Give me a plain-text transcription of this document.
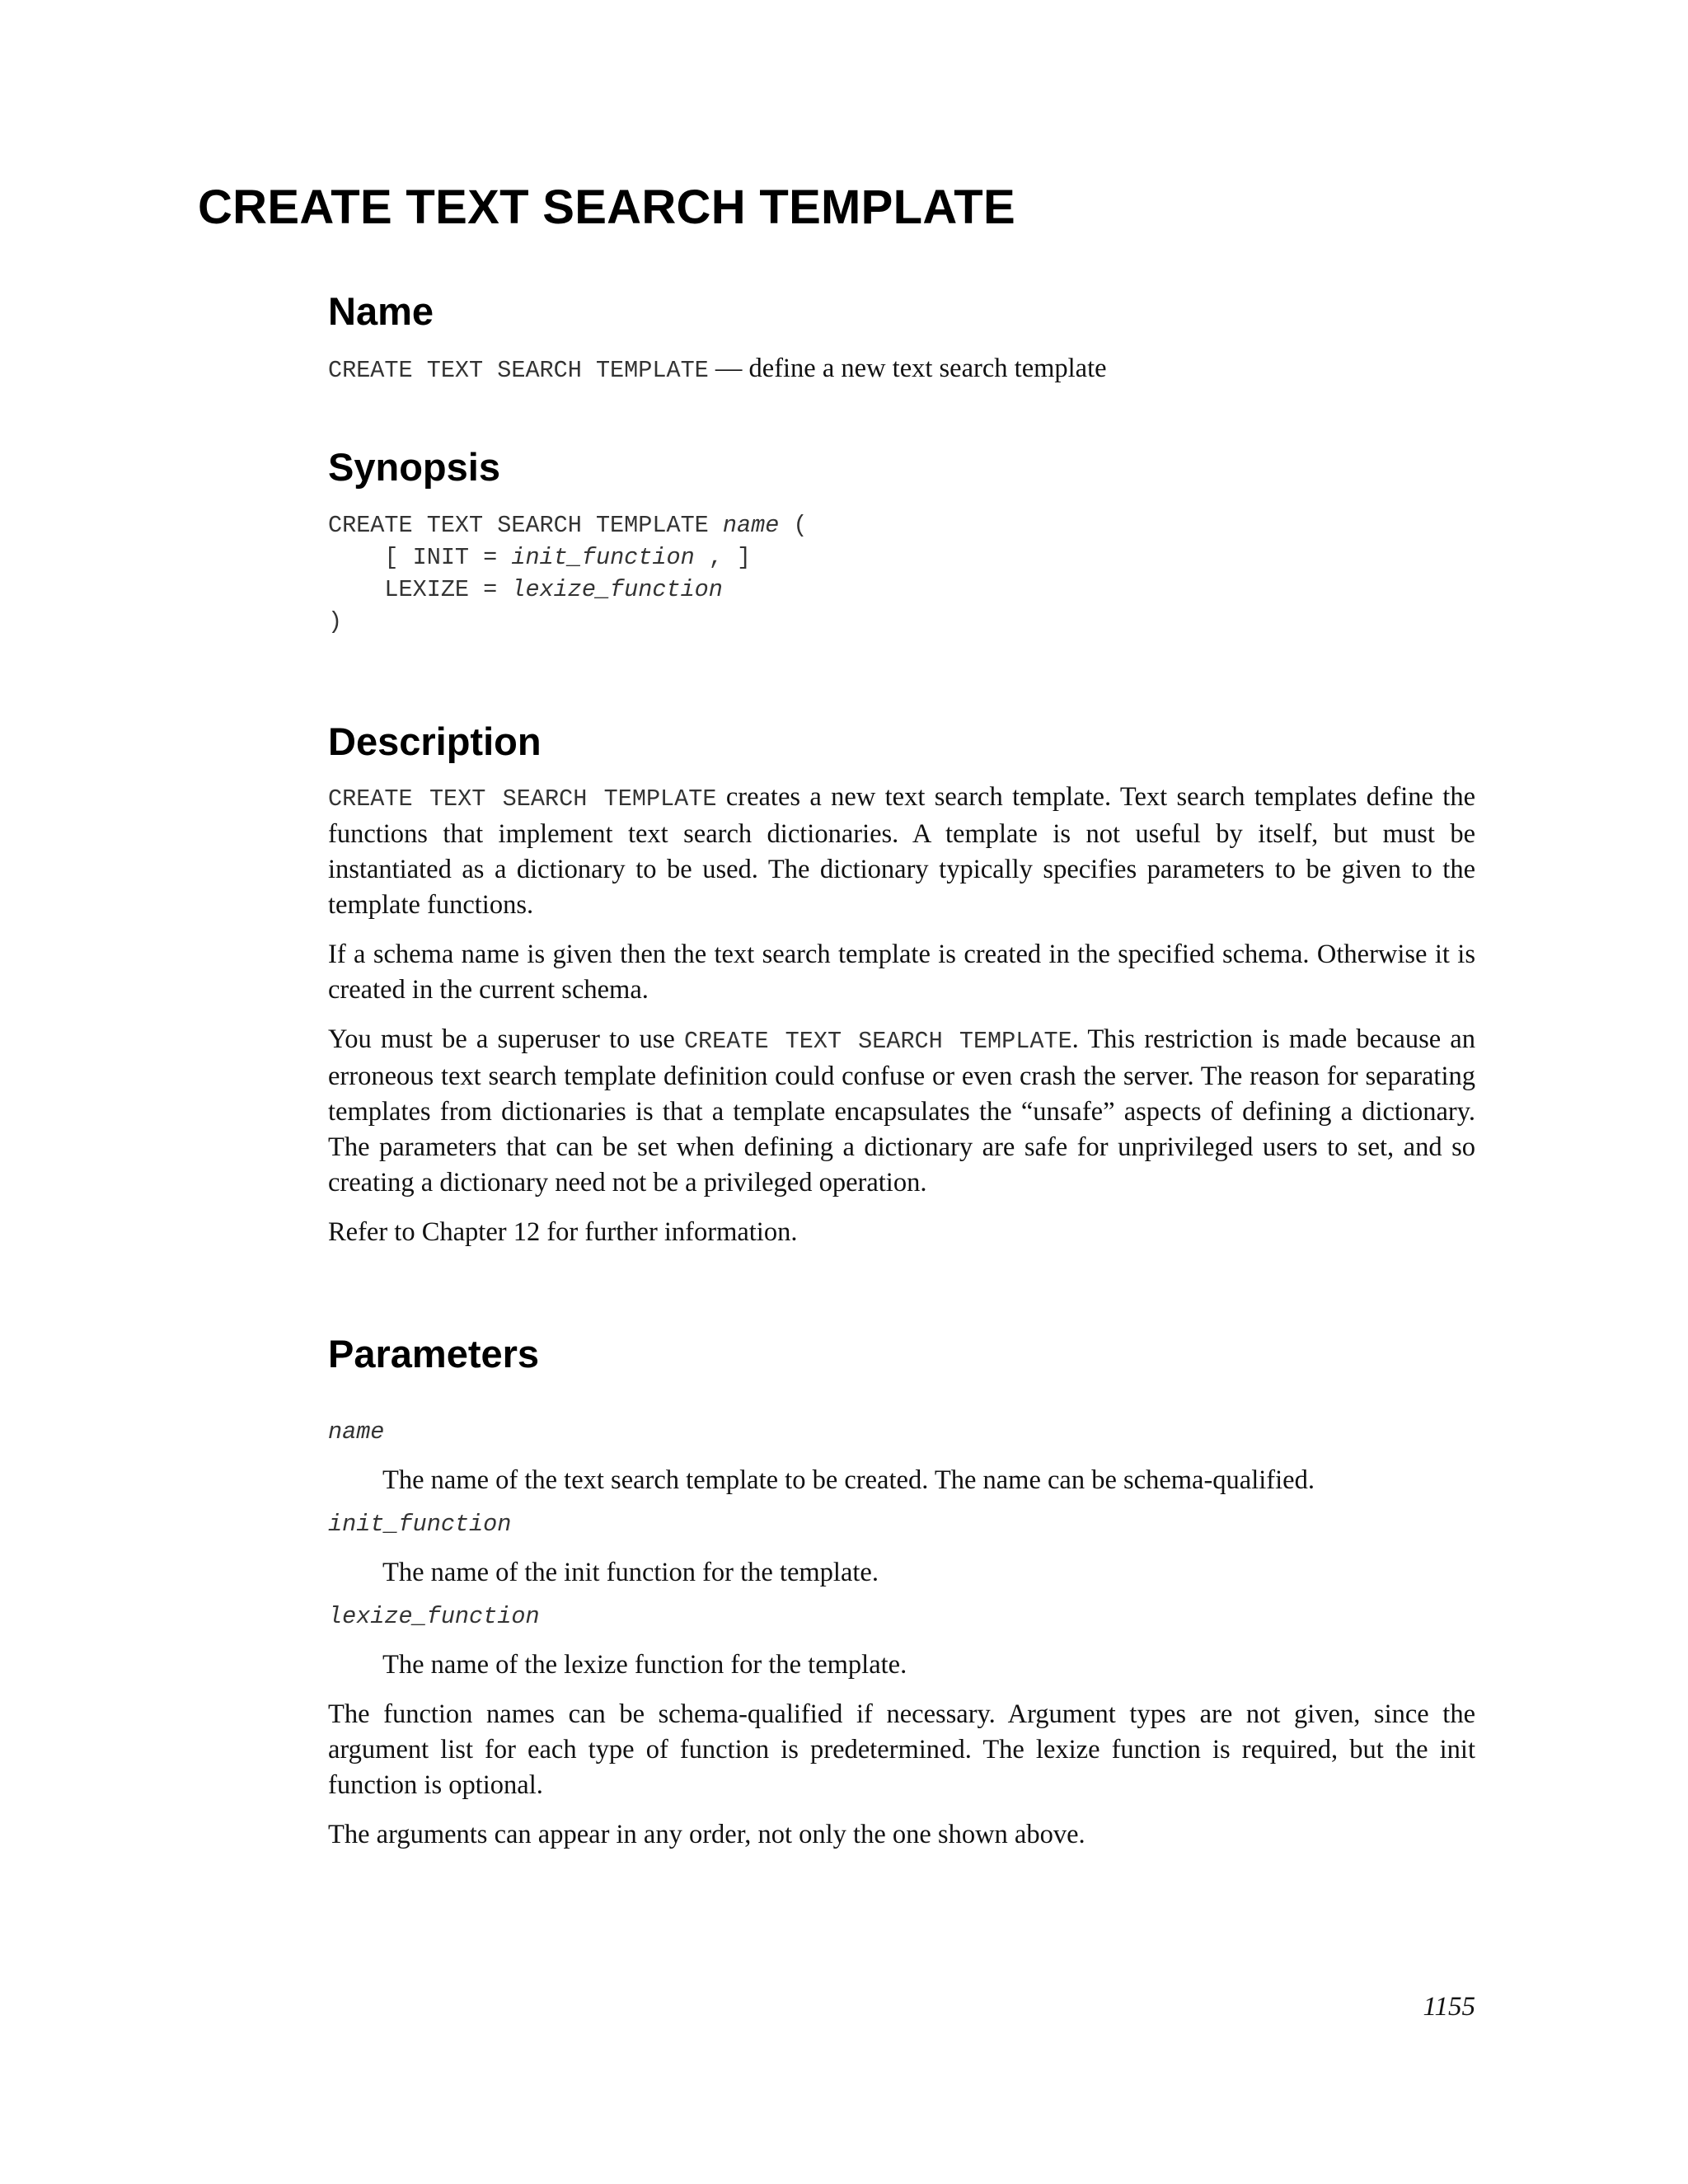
CREATE TEXT SEARCH TEMPLATE
Name

CREATE TEXT SEARCH TEMPLATE — define a new text search template

Synopsis
CREATE TEXT SEARCH TEMPLATE name (
[ INIT = init_function , ]
LEXIZE = lexize_function
)
Description

CREATE TEXT SEARCH TEMPLATE creates a new text search template. Text search templates define the functions that implement text search dictionaries. A template is not useful by itself, but must be instantiated as a dictionary to be used. The dictionary typically specifies parameters to be given to the template functions.

If a schema name is given then the text search template is created in the specified schema. Otherwise it is created in the current schema.

You must be a superuser to use CREATE TEXT SEARCH TEMPLATE. This restriction is made because an erroneous text search template definition could confuse or even crash the server. The reason for separating templates from dictionaries is that a template encapsulates the “unsafe” aspects of defining a dictionary. The parameters that can be set when defining a dictionary are safe for unprivileged users to set, and so creating a dictionary need not be a privileged operation.

Refer to Chapter 12 for further information.

Parameters
name
The name of the text search template to be created. The name can be schema-qualified.
init_function
The name of the init function for the template.
lexize_function
The name of the lexize function for the template.

The function names can be schema-qualified if necessary. Argument types are not given, since the argument list for each type of function is predetermined. The lexize function is required, but the init function is optional.

The arguments can appear in any order, not only the one shown above.

1155
